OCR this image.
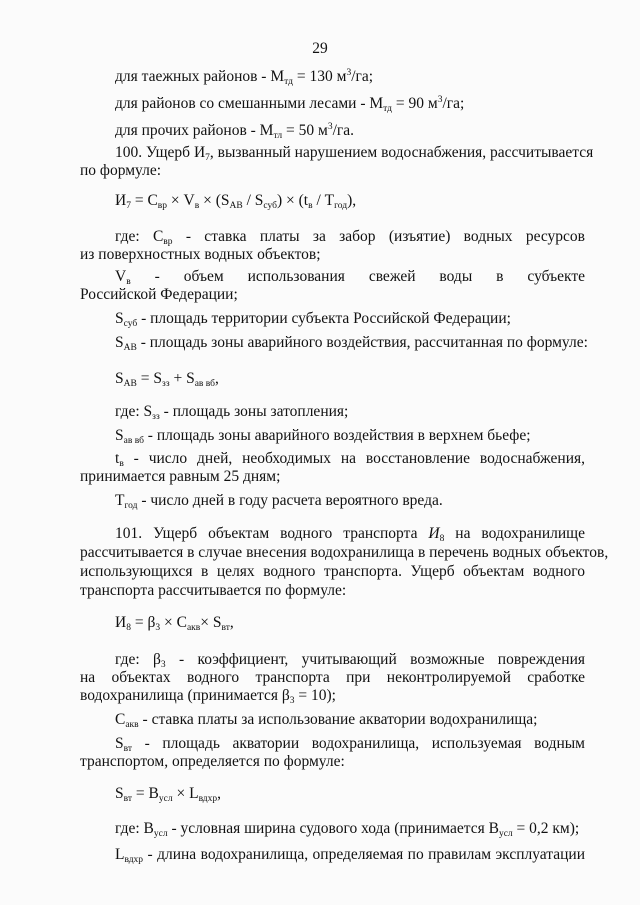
29
для таежных районов - $M_{тд} = 130$ $м^3/га$;
для районов со смешанными лесами - $M_{тд} = 90$ $м^3/га$;
для прочих районов - $M_{тл} = 50$ $м^3/га$.
100. Ущерб $И_7$, вызванный нарушением водоснабжения, рассчитывается
по формуле:
$И_7 = C_{вр} \times V_в \times (S_{АВ} / S_{суб}) \times (t_в / T_{год})$,
где: $C_{вр}$ - ставка платы за забор (изъятие) водных ресурсов
из поверхностных водных объектов;
$V_в$ - объем использования свежей воды в субъекте
Российской Федерации;
$S_{суб}$ - площадь территории субъекта Российской Федерации;
$S_{АВ}$ - площадь зоны аварийного воздействия, рассчитанная по формуле:
$S_{АВ} = S_{зз} + S_{ав вб}$,
где: $S_{зз}$ - площадь зоны затопления;
$S_{ав вб}$ - площадь зоны аварийного воздействия в верхнем бьефе;
$t_в$ - число дней, необходимых на восстановление водоснабжения,
принимается равным 25 дням;
$T_{год}$ - число дней в году расчета вероятного вреда.
101. Ущерб объектам водного транспорта $И_8$ на водохранилище
рассчитывается в случае внесения водохранилища в перечень водных объектов,
использующихся в целях водного транспорта. Ущерб объектам водного
транспорта рассчитывается по формуле:
$И_8 = \beta_3 \times C_{акв}\times S_{вт}$,
где: $\beta_3$ - коэффициент, учитывающий возможные повреждения
на объектах водного транспорта при неконтролируемой сработке
водохранилища (принимается $\beta_3 = 10$);
$C_{акв}$ - ставка платы за использование акватории водохранилища;
$S_{вт}$ - площадь акватории водохранилища, используемая водным
транспортом, определяется по формуле:
$S_{вт} = B_{усл} \times L_{вдхр}$,
где: $B_{усл}$ - условная ширина судового хода (принимается $B_{усл} = 0,2$ км);
$L_{вдхр}$ - длина водохранилища, определяемая по правилам эксплуатации
